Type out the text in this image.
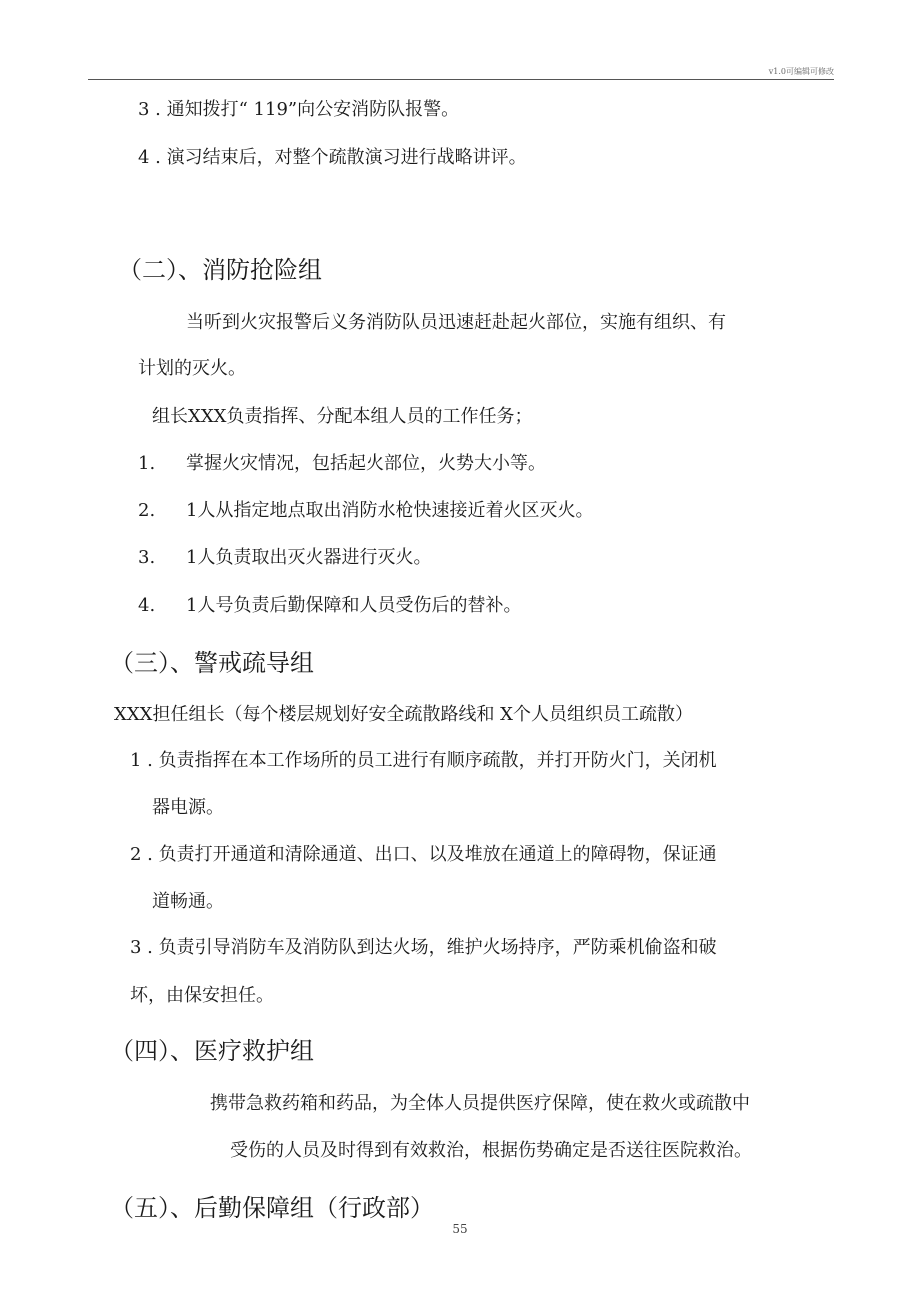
v1.0可编辑可修改
3 . 通知拨打“ 119”向公安消防队报警。
4 . 演习结束后，对整个疏散演习进行战略讲评。
（二）、消防抢险组
当听到火灾报警后义务消防队员迅速赶赴起火部位，实施有组织、有
计划的灭火。
组长XXX负责指挥、分配本组人员的工作任务；
1. 掌握火灾情况，包括起火部位，火势大小等。
2. 1人从指定地点取出消防水枪快速接近着火区灭火。
3. 1人负责取出灭火器进行灭火。
4. 1人号负责后勤保障和人员受伤后的替补。
（三）、警戒疏导组
XXX担任组长（每个楼层规划好安全疏散路线和 X个人员组织员工疏散）
1 . 负责指挥在本工作场所的员工进行有顺序疏散，并打开防火门，关闭机
器电源。
2 . 负责打开通道和清除通道、出口、以及堆放在通道上的障碍物，保证通
道畅通。
3 . 负责引导消防车及消防队到达火场，维护火场持序，严防乘机偷盗和破
坏，由保安担任。
（四）、医疗救护组
携带急救药箱和药品，为全体人员提供医疗保障，使在救火或疏散中
受伤的人员及时得到有效救治，根据伤势确定是否送往医院救治。
（五）、后勤保障组（行政部）
55
